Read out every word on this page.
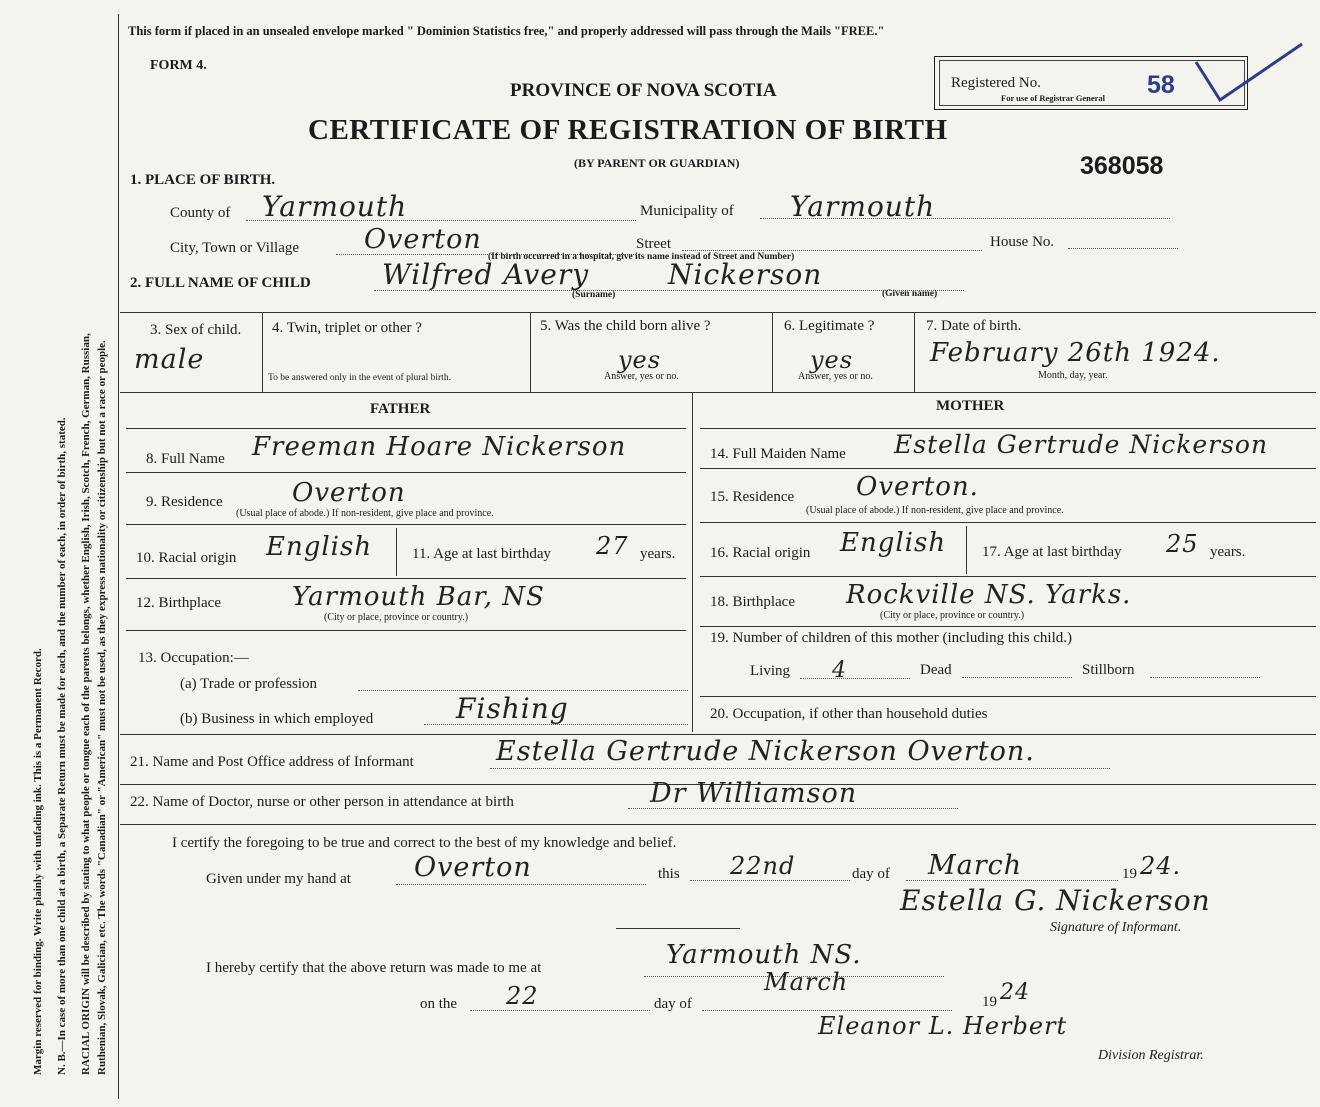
Margin reserved for binding. Write plainly with unfading ink. This is a Permanent Record. N. B.—In case of more than one child at a birth, a Separate Return must be made for each, and the number of each, in order of birth, stated. RACIAL ORIGIN will be described by stating to what people or tongue each of the parents belongs, whether English, Irish, Scotch, French, German, Russian, Ruthenian, Slovak, Galician, etc. The words "Canadian" or "American" must not be used, as they express nationality or citizenship but not a race or people.
This form if placed in an unsealed envelope marked " Dominion Statistics free," and properly addressed will pass through the Mails "FREE."
FORM 4.
PROVINCE OF NOVA SCOTIA
CERTIFICATE OF REGISTRATION OF BIRTH
(BY PARENT OR GUARDIAN)	368058
Registered No.
For use of Registrar General 58
1. PLACE OF BIRTH.
County of Yarmouth	Municipality of Yarmouth
City, Town or Village Overton	Street	House No.
(If birth occurred in a hospital, give its name instead of Street and Number)
2. FULL NAME OF CHILD	Wilfred Avery	Nickerson
(Surname)	(Given name)
3. Sex of child.
male
4. Twin, triplet or other ?
To be answered only in the event of plural birth.
5. Was the child born alive ?
yes
Answer, yes or no.
6. Legitimate ?
yes
Answer, yes or no.
7. Date of birth.
February 26th 1924.
Month, day, year.
FATHER	MOTHER
8. Full Name Freeman Hoare Nickerson
9. Residence	Overton
(Usual place of abode.) If non-resident, give place and province.
10. Racial origin English	11. Age at last birthday 27 years.
12. Birthplace	Yarmouth Bar, NS
(City or place, province or country.)
13. Occupation:—
(a) Trade or profession
(b) Business in which employed	Fishing
14. Full Maiden Name Estella Gertrude Nickerson
15. Residence Overton.
(Usual place of abode.) If non-resident, give place and province.
16. Racial origin English 17. Age at last birthday 25 years.
18. Birthplace Rockville NS. Yarks.
(City or place, province or country.)
19. Number of children of this mother (including this child.)
Living 4	Dead	Stillborn
20. Occupation, if other than household duties
21. Name and Post Office address of Informant	Estella Gertrude Nickerson Overton.
22. Name of Doctor, nurse or other person in attendance at birth	Dr Williamson
I certify the foregoing to be true and correct to the best of my knowledge and belief.
Given under my hand at Overton	this 22nd	day of March	19 24.
Estella G. Nickerson
Signature of Informant.
I hereby certify that the above return was made to me at	Yarmouth NS.
on the 22	day of
March
19 24
Eleanor L. Herbert
Division Registrar.
